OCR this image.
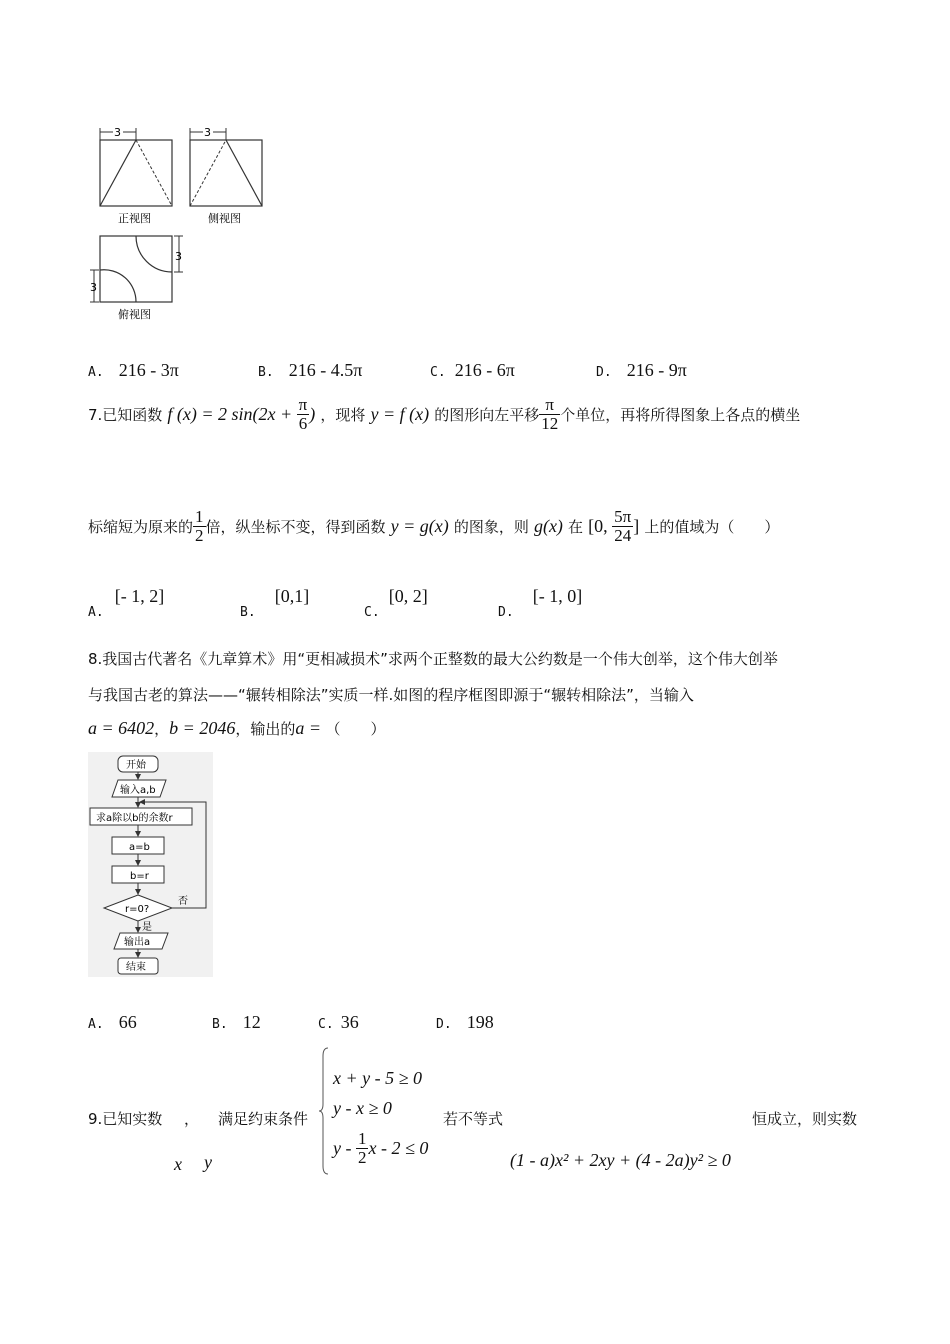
3
正视图
3
侧视图
3
3
俯视图
A. 216 - 3π	B. 216 - 4.5π	C. 216 - 6π	D. 216 - 9π
7.已知函数 f (x) = 2 $\sin(2x + \frac{\pi}{6}$ ) ，现将 y = f (x) 的图形向左平移 $\frac{\pi}{12}$ 个单位，再将所得图象上各点的横坐
标缩短为原来的 $\frac{1}{2}$ 倍，纵坐标不变，得到函数 y = g(x) 的图象，则 g(x) 在 [0, $\frac{5\pi}{24}$ ] 上的值域为（　　）
$_{A.}$ [- 1, 2]
$_{B.}$ [0,1]
$_{C.}$ [0, 2]
$_{D.}$ [- 1, 0]
8.我国古代著名《九章算术》用“更相减损术”求两个正整数的最大公约数是一个伟大创举，这个伟大创举
与我国古老的算法——“辗转相除法”实质一样.如图的程序框图即源于“辗转相除法”，当输入
a = 6402，b = 2046，输出的a = （　　）
开始
输入a,b
求a除以b的余数r
a=b
b=r
r=0?
否
是
输出a
结束
A. 66	B. 12	C. 36	D. 198
9.已知实数 ， 满足约束条件
x y
x + y - 5 ≥ 0
y - x ≥ 0
y - $\frac{1}{2}$ x - 2 ≤ 0
若不等式
(1 - a)x² + 2xy + (4 - 2a)y² ≥ 0
恒成立，则实数
